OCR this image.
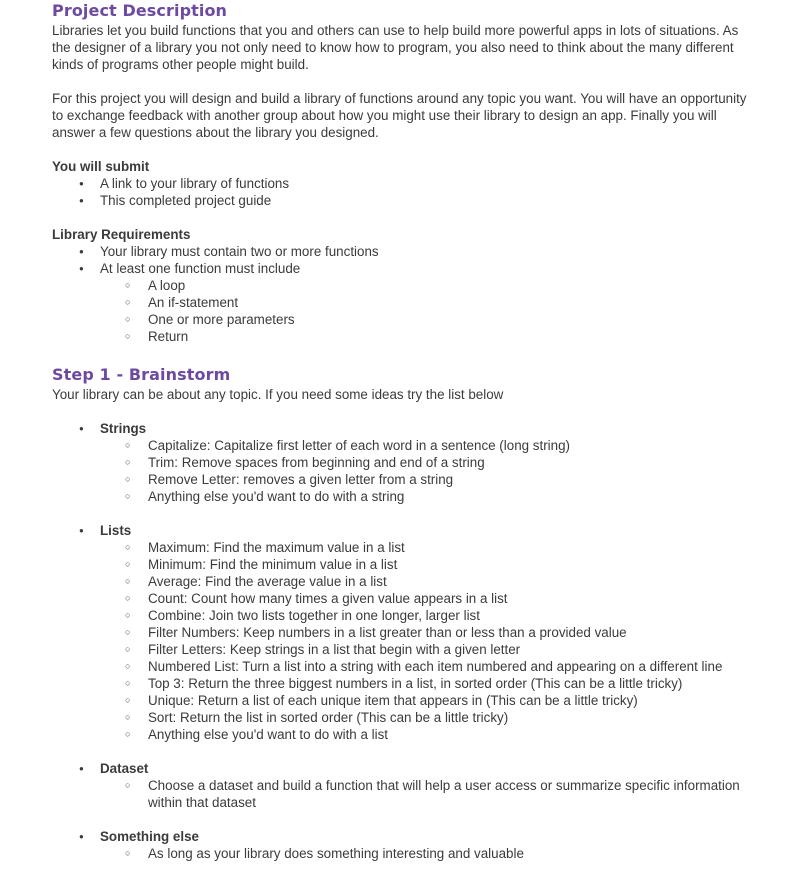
Project Description

Libraries let you build functions that you and others can use to help build more powerful apps in lots of situations. As the designer of a library you not only need to know how to program, you also need to think about the many different kinds of programs other people might build.

For this project you will design and build a library of functions around any topic you want. You will have an opportunity to exchange feedback with another group about how you might use their library to design an app. Finally you will answer a few questions about the library you designed.

You will submit

● A link to your library of functions
● This completed project guide

Library Requirements

● Your library must contain two or more functions
● At least one function must include
○ A loop
○ An if-statement
○ One or more parameters
○ Return
Step 1 - Brainstorm

Your library can be about any topic. If you need some ideas try the list below

● Strings
○ Capitalize: Capitalize first letter of each word in a sentence (long string)
○ Trim: Remove spaces from beginning and end of a string
○ Remove Letter: removes a given letter from a string
○ Anything else you'd want to do with a string
● Lists
○ Maximum: Find the maximum value in a list
○ Minimum: Find the minimum value in a list
○ Average: Find the average value in a list
○ Count: Count how many times a given value appears in a list
○ Combine: Join two lists together in one longer, larger list
○ Filter Numbers: Keep numbers in a list greater than or less than a provided value
○ Filter Letters: Keep strings in a list that begin with a given letter
○ Numbered List: Turn a list into a string with each item numbered and appearing on a different line
○ Top 3: Return the three biggest numbers in a list, in sorted order (This can be a little tricky)
○ Unique: Return a list of each unique item that appears in (This can be a little tricky)
○ Sort: Return the list in sorted order (This can be a little tricky)
○ Anything else you'd want to do with a list
● Dataset
○ Choose a dataset and build a function that will help a user access or summarize specific information within that dataset
● Something else
○ As long as your library does something interesting and valuable
